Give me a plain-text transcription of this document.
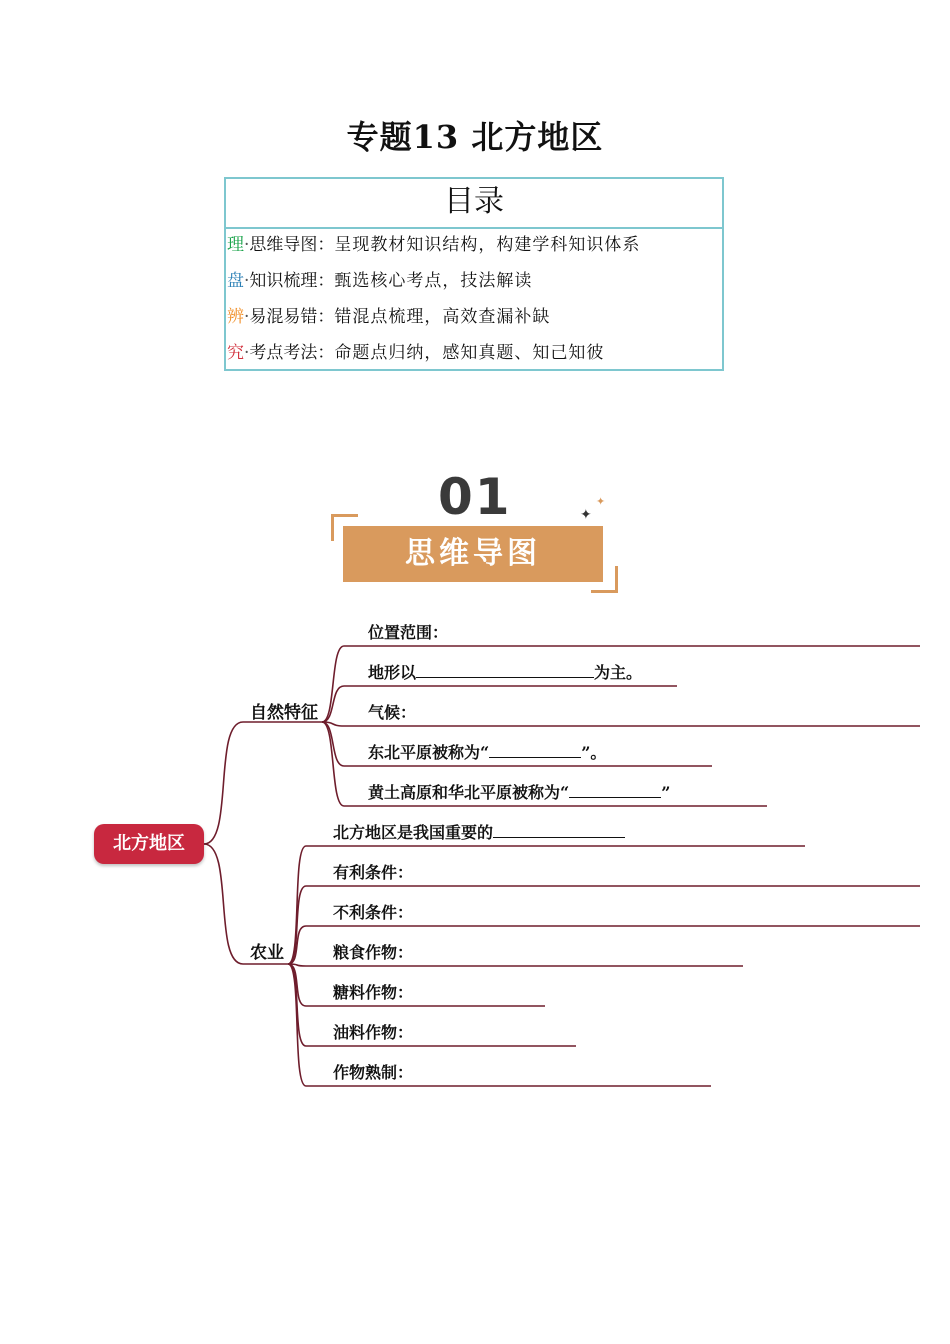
专题13 北方地区
目录
理·思维导图：呈现教材知识结构，构建学科知识体系
盘·知识梳理：甄选核心考点，技法解读
辨·易混易错：错混点梳理，高效查漏补缺
究·考点考法：命题点归纳，感知真题、知己知彼
01
思维导图
✦
✦
北方地区
自然特征
位置范围：
地形以	为主。
气候：
东北平原被称为“	”。
黄土高原和华北平原被称为“	”
农业
北方地区是我国重要的
有利条件：
不利条件：
粮食作物：
糖料作物：
油料作物：
作物熟制：
